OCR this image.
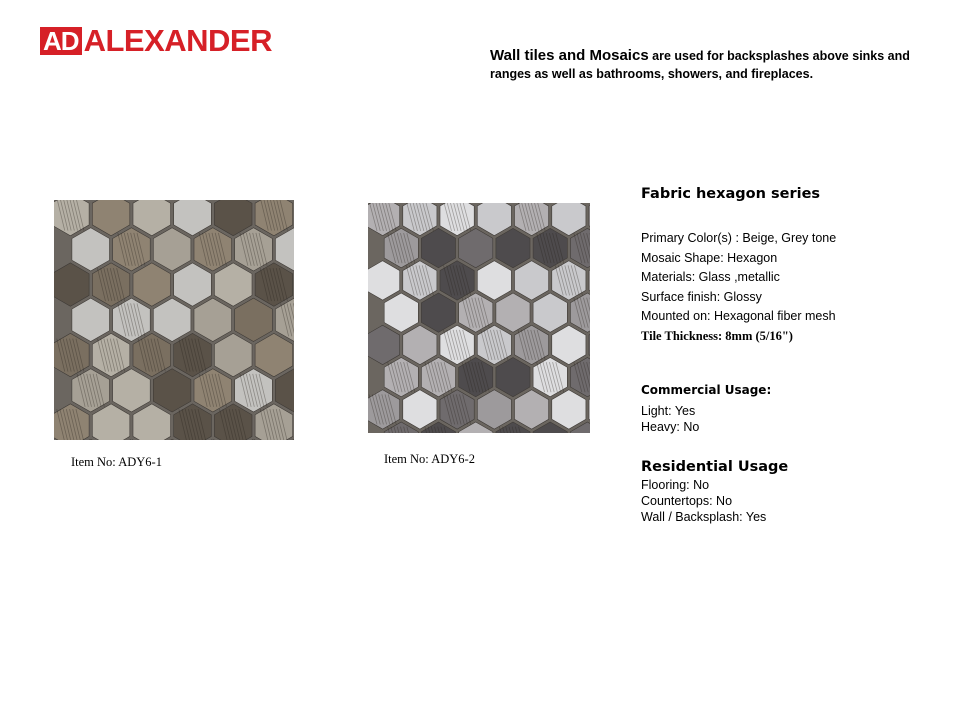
AD ALEXANDER	Wall tiles and Mosaics are used for backsplashes above sinks and ranges as well as bathrooms, showers, and fireplaces.
Item No: ADY6-1	Item No: ADY6-2
Fabric hexagon series
Primary Color(s) : Beige, Grey tone
Mosaic Shape: Hexagon
Materials: Glass ,metallic
Surface finish: Glossy
Mounted on: Hexagonal fiber mesh
Tile Thickness: 8mm (5/16")
Commercial Usage:
Light: Yes
Heavy: No
Residential Usage
Flooring: No
Countertops: No
Wall / Backsplash: Yes
